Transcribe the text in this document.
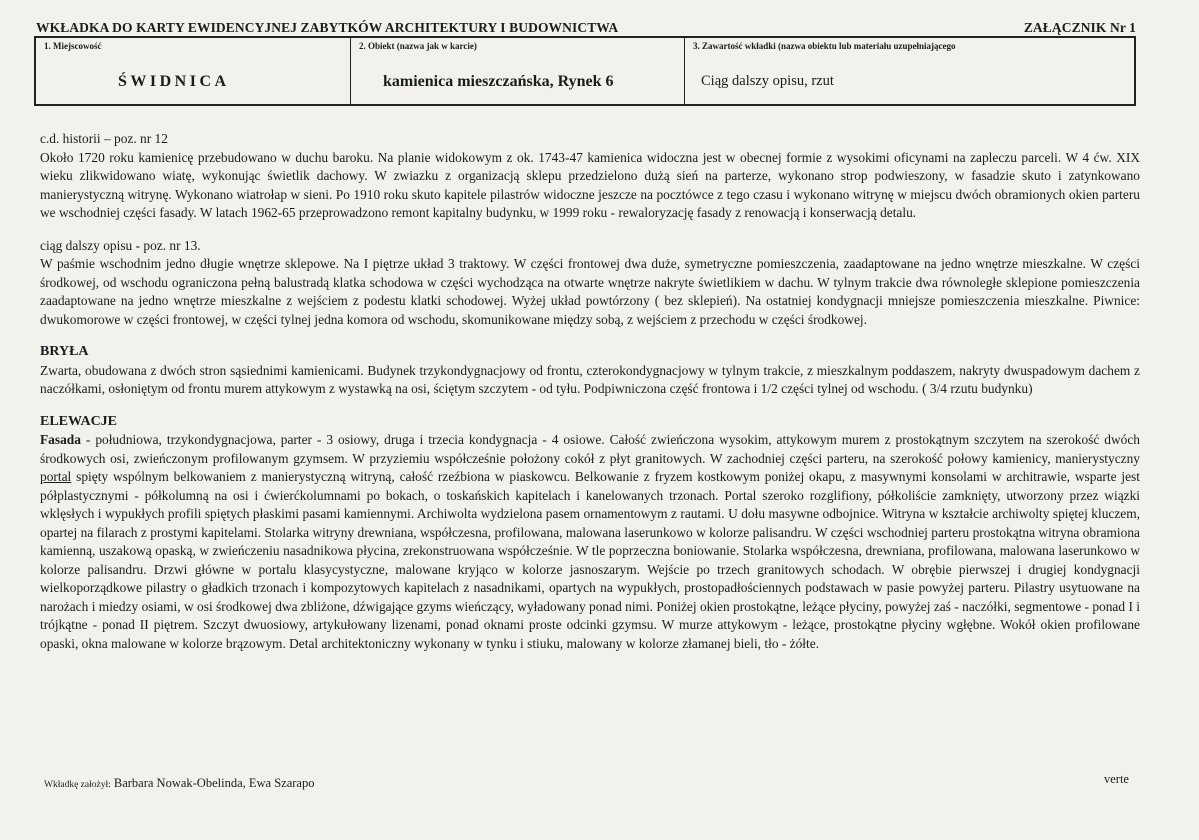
WKŁADKA DO KARTY EWIDENCYJNEJ ZABYTKÓW ARCHITEKTURY I BUDOWNICTWA	ZAŁĄCZNIK Nr 1
1. Miejscowość
ŚWIDNICA
2. Obiekt (nazwa jak w karcie)
kamienica mieszczańska, Rynek 6
3. Zawartość wkładki (nazwa obiektu lub materiału uzupełniającego
Ciąg dalszy opisu, rzut

c.d. historii – poz. nr 12

Około 1720 roku kamienicę przebudowano w duchu baroku. Na planie widokowym z ok. 1743-47 kamienica widoczna jest w obecnej formie z wysokimi oficynami na zapleczu parceli. W 4 ćw. XIX wieku zlikwidowano wiatę, wykonując świetlik dachowy. W zwiazku z organizacją sklepu przedzielono dużą sień na parterze, wykonano strop podwieszony, w fasadzie skuto i zatynkowano manierystyczną witrynę. Wykonano wiatrołap w sieni. Po 1910 roku skuto kapitele pilastrów widoczne jeszcze na pocztówce z tego czasu i wykonano witrynę w miejscu dwóch obramionych okien parteru we wschodniej części fasady. W latach 1962-65 przeprowadzono remont kapitalny budynku, w 1999 roku - rewaloryzację fasady z renowacją i konserwacją detalu.

ciąg dalszy opisu - poz. nr 13.

W paśmie wschodnim jedno długie wnętrze sklepowe. Na I piętrze układ 3 traktowy. W części frontowej dwa duże, symetryczne pomieszczenia, zaadaptowane na jedno wnętrze mieszkalne. W części środkowej, od wschodu ograniczona pełną balustradą klatka schodowa w części wychodząca na otwarte wnętrze nakryte świetlikiem w dachu. W tylnym trakcie dwa równoległe sklepione pomieszczenia zaadaptowane na jedno wnętrze mieszkalne z wejściem z podestu klatki schodowej. Wyżej układ powtórzony ( bez sklepień). Na ostatniej kondygnacji mniejsze pomieszczenia mieszkalne. Piwnice: dwukomorowe w części frontowej, w części tylnej jedna komora od wschodu, skomunikowane między sobą, z wejściem z przechodu w części środkowej.

BRYŁA

Zwarta, obudowana z dwóch stron sąsiednimi kamienicami. Budynek trzykondygnacjowy od frontu, czterokondygnacjowy w tylnym trakcie, z mieszkalnym poddaszem, nakryty dwuspadowym dachem z naczółkami, osłoniętym od frontu murem attykowym z wystawką na osi, ściętym szczytem - od tyłu. Podpiwniczona część frontowa i 1/2 części tylnej od wschodu. ( 3/4 rzutu budynku)

ELEWACJE

Fasada - południowa, trzykondygnacjowa, parter - 3 osiowy, druga i trzecia kondygnacja - 4 osiowe. Całość zwieńczona wysokim, attykowym murem z prostokątnym szczytem na szerokość dwóch środkowych osi, zwieńczonym profilowanym gzymsem. W przyziemiu współcześnie położony cokół z płyt granitowych. W zachodniej części parteru, na szerokość połowy kamienicy, manierystyczny portal spięty wspólnym belkowaniem z manierystyczną witryną, całość rzeźbiona w piaskowcu. Belkowanie z fryzem kostkowym poniżej okapu, z masywnymi konsolami w architrawie, wsparte jest półplastycznymi - półkolumną na osi i ćwierćkolumnami po bokach, o toskańskich kapitelach i kanelowanych trzonach. Portal szeroko rozglifiony, półkoliście zamknięty, utworzony przez wiązki wklęsłych i wypukłych profili spiętych płaskimi pasami kamiennymi. Archiwolta wydzielona pasem ornamentowym z rautami. U dołu masywne odbojnice. Witryna w kształcie archiwolty spiętej kluczem, opartej na filarach z prostymi kapitelami. Stolarka witryny drewniana, współczesna, profilowana, malowana laserunkowo w kolorze palisandru. W części wschodniej parteru prostokątna witryna obramiona kamienną, uszakową opaską, w zwieńczeniu nasadnikowa płycina, zrekonstruowana współcześnie. W tle poprzeczna boniowanie. Stolarka współczesna, drewniana, profilowana, malowana laserunkowo w kolorze palisandru. Drzwi główne w portalu klasycystyczne, malowane kryjąco w kolorze jasnoszarym. Wejście po trzech granitowych schodach. W obrębie pierwszej i drugiej kondygnacji wielkoporządkowe pilastry o gładkich trzonach i kompozytowych kapitelach z nasadnikami, opartych na wypukłych, prostopadłościennych podstawach w pasie powyżej parteru. Pilastry usytuowane na narożach i miedzy osiami, w osi środkowej dwa zbliżone, dźwigające gzyms wieńczący, wyładowany ponad nimi. Poniżej okien prostokątne, leżące płyciny, powyżej zaś - naczółki, segmentowe - ponad I i trójkątne - ponad II piętrem. Szczyt dwuosiowy, artykułowany lizenami, ponad oknami proste odcinki gzymsu. W murze attykowym - leżące, prostokątne płyciny wgłębne. Wokół okien profilowane opaski, okna malowane w kolorze brązowym. Detal architektoniczny wykonany w tynku i stiuku, malowany w kolorze złamanej bieli, tło - żółte.

Wkładkę założył: Barbara Nowak-Obelinda, Ewa Szarapo	verte
